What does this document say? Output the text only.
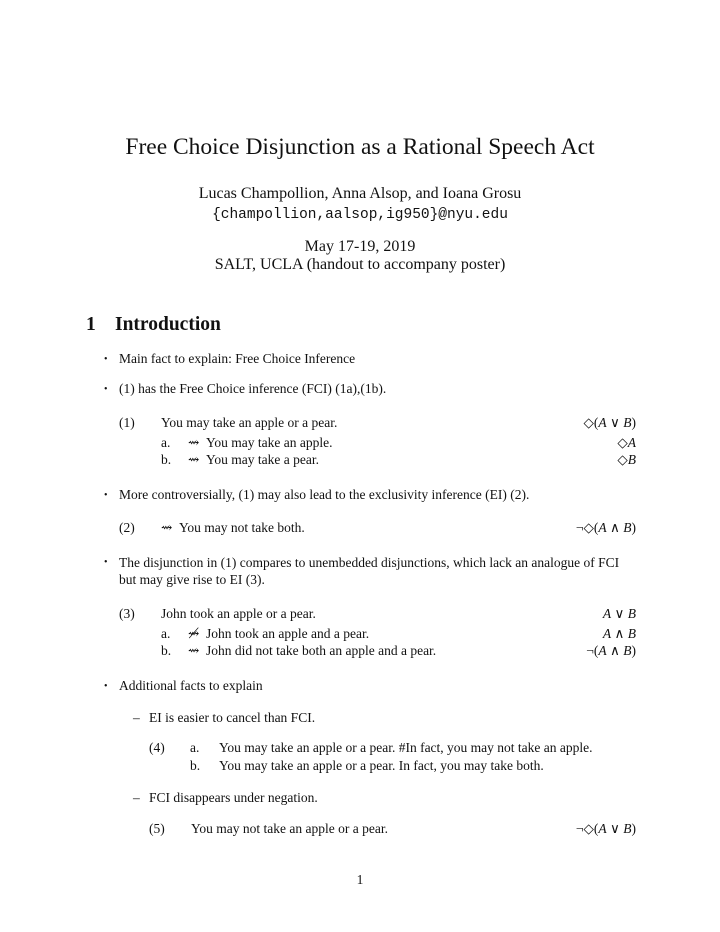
Free Choice Disjunction as a Rational Speech Act
Lucas Champollion, Anna Alsop, and Ioana Grosu
{champollion,aalsop,ig950}@nyu.edu
May 17-19, 2019
SALT, UCLA (handout to accompany poster)
1 Introduction
• Main fact to explain: Free Choice Inference
• (1) has the Free Choice inference (FCI) (1a),(1b).
(1) You may take an apple or a pear.	◇(A ∨ B)
a. ⇝ You may take an apple.	◇A
b. ⇝ You may take a pear.	◇B
• More controversially, (1) may also lead to the exclusivity inference (EI) (2).
(2) ⇝ You may not take both.	¬◇(A ∧ B)
• The disjunction in (1) compares to unembedded disjunctions, which lack an analogue of FCI but may give rise to EI (3).
(3) John took an apple or a pear.	A ∨ B
a. ⇝̸ John took an apple and a pear.	A ∧ B
b. ⇝ John did not take both an apple and a pear.	¬(A ∧ B)
• Additional facts to explain
– EI is easier to cancel than FCI.
(4) a. You may take an apple or a pear. #In fact, you may not take an apple.
b. You may take an apple or a pear. In fact, you may take both.
– FCI disappears under negation.
(5) You may not take an apple or a pear.	¬◇(A ∨ B)
1
